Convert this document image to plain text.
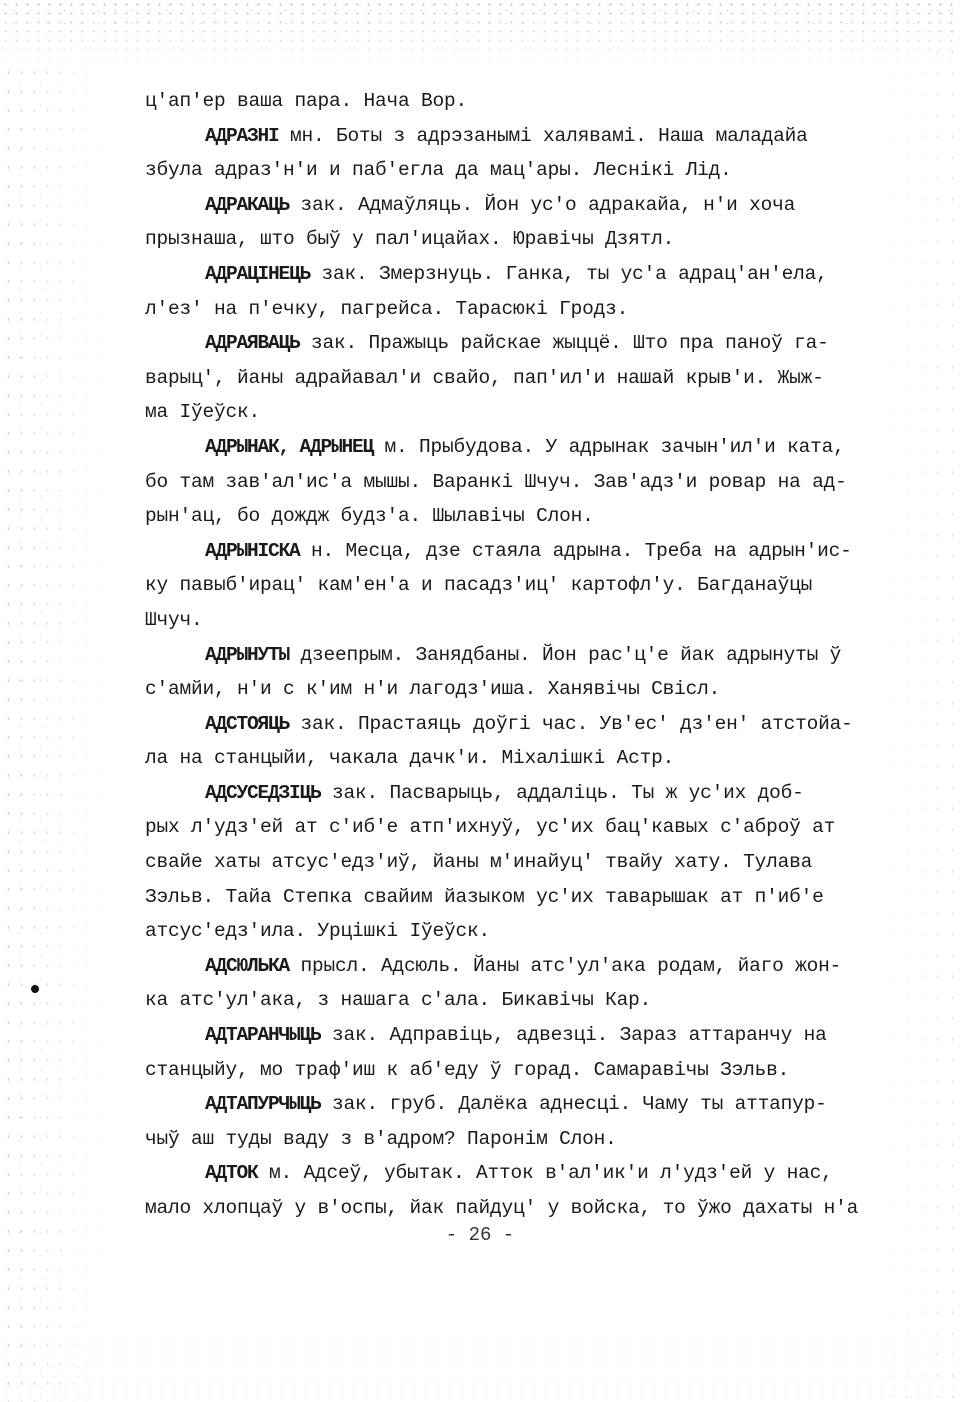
ц'ап'ер ваша пара. Нача Вор.
АДРАЗНІ мн. Боты з адрэзанымі халявамі. Наша маладайа
збула адраз'н'и и паб'егла да мац'ары. Леснікі Лід.
АДРАКАЦЬ зак. Адмаўляць. Йон ус'о адракайа, н'и хоча
прызнаша, што быў у пал'ицайах. Юравічы Дзятл.
АДРАЦІНЕЦЬ зак. Змерзнуць. Ганка, ты ус'а адрац'ан'ела,
л'ез' на п'ечку, пагрейса. Тарасюкі Гродз.
АДРАЯВАЦЬ зак. Пражыць райскае жыццё. Што пра паноў га-
варыц', йаны адрайавал'и свайо, пап'ил'и нашай крыв'и. Жыж-
ма Іўеўск.
АДРЫНАК, АДРЫНЕЦ м. Прыбудова. У адрынак зачын'ил'и ката,
бо там зав'ал'ис'а мышы. Варанкі Шчуч. Зав'адз'и ровар на ад-
рын'ац, бо дождж будз'а. Шылавічы Слон.
АДРЫНІСКА н. Месца, дзе стаяла адрына. Треба на адрын'ис-
ку павыб'ирац' кам'ен'а и пасадз'иц' картофл'у. Багданаўцы
Шчуч.
АДРЫНУТЫ дзеепрым. Занядбаны. Йон рас'ц'е йак адрынуты ў
с'амйи, н'и с к'им н'и лагодз'иша. Ханявічы Свісл.
АДСТОЯЦЬ зак. Прастаяць доўгі час. Ув'ес' дз'ен' атстойа-
ла на станцыйи, чакала дачк'и. Міхалішкі Астр.
АДСУСЕДЗІЦЬ зак. Пасварыць, аддаліць. Ты ж ус'их доб-
рых л'удз'ей ат с'иб'е атп'ихнуў, ус'их бац'кавых с'аброў ат
свайе хаты атсус'едз'иў, йаны м'инайуц' твайу хату. Тулава
Зэльв. Тайа Степка свайим йазыком ус'их таварышак ат п'иб'е
атсус'едз'ила. Урцішкі Іўеўск.
АДСЮЛЬКА прысл. Адсюль. Йаны атс'ул'ака родам, йаго жон-
ка атс'ул'ака, з нашага с'ала. Бикавічы Кар.
АДТАРАНЧЫЦЬ зак. Адправіць, адвезці. Зараз аттаранчу на
станцыйу, мо траф'иш к аб'еду ў горад. Самаравічы Зэльв.
АДТАПУРЧЫЦЬ зак. груб. Далёка аднесці. Чаму ты аттапур-
чыў аш туды ваду з в'адром? Паронім Слон.
АДТОК м. Адсеў, убытак. Атток в'ал'ик'и л'удз'ей у нас,
мало хлопцаў у в'оспы, йак пайдуц' у войска, то ўжо дахаты н'а
- 26 -
